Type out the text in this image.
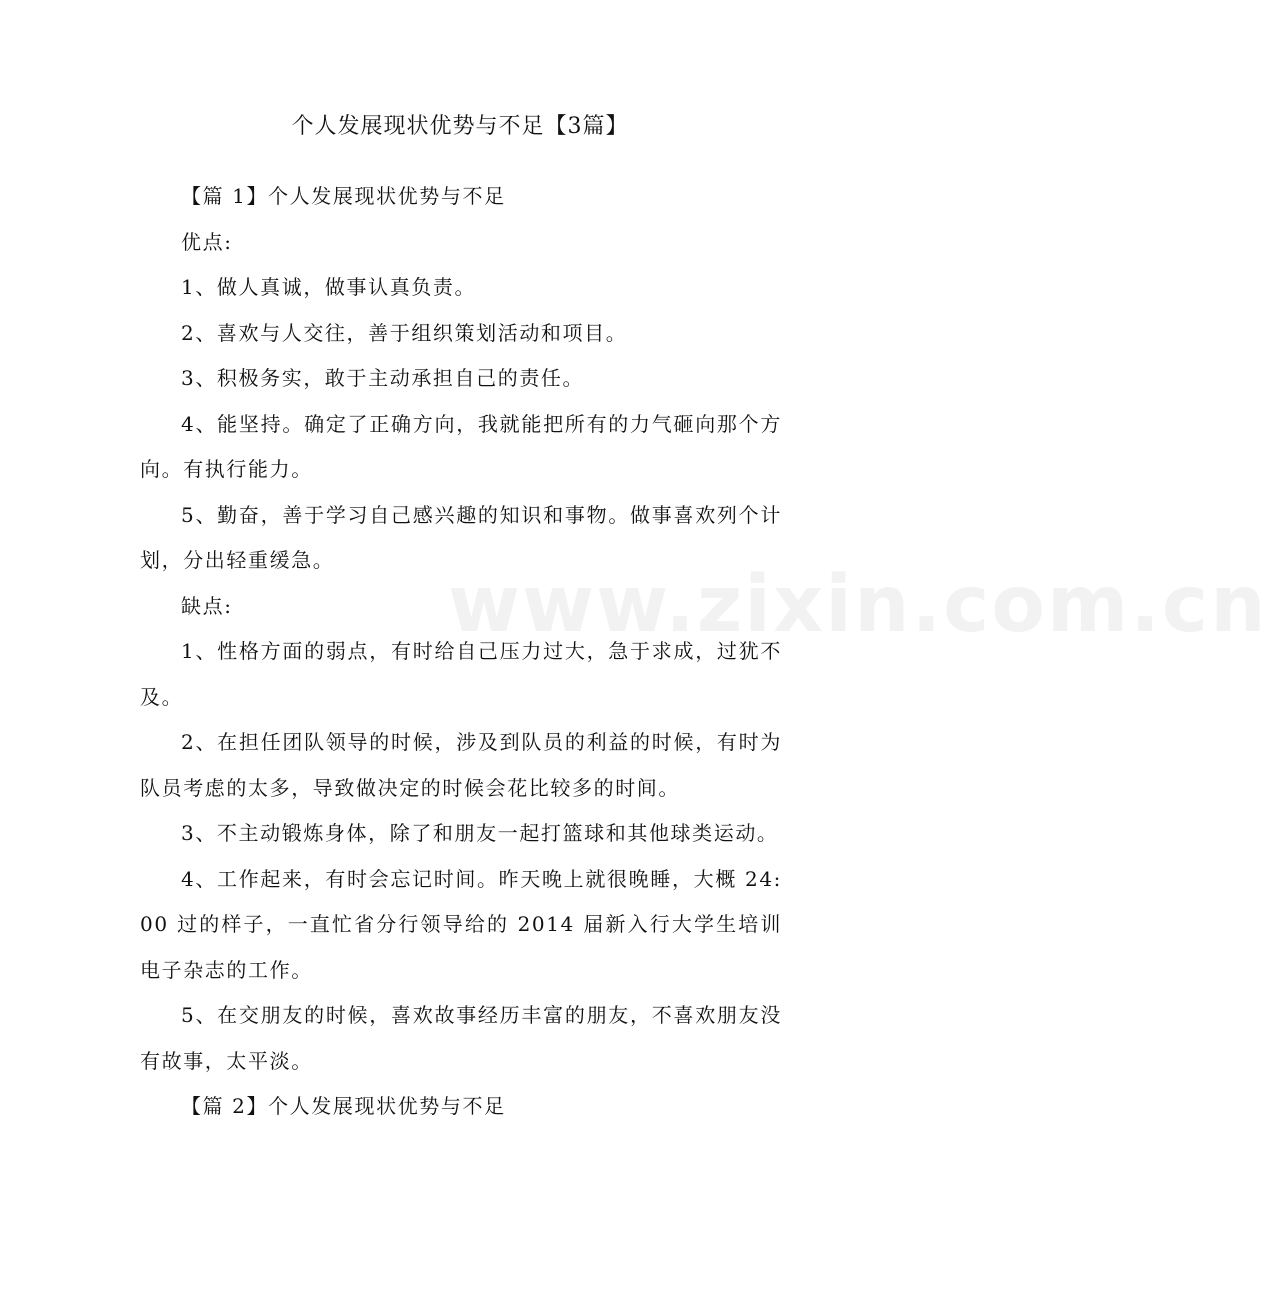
www.zixin.com.cn
个人发展现状优势与不足【3篇】

【篇 1】个人发展现状优势与不足

优点:

1、做人真诚，做事认真负责。

2、喜欢与人交往，善于组织策划活动和项目。

3、积极务实，敢于主动承担自己的责任。

4、能坚持。确定了正确方向，我就能把所有的力气砸向那个方向。有执行能力。

5、勤奋，善于学习自己感兴趣的知识和事物。做事喜欢列个计划，分出轻重缓急。

缺点:

1、性格方面的弱点，有时给自己压力过大，急于求成，过犹不及。

2、在担任团队领导的时候，涉及到队员的利益的时候，有时为队员考虑的太多，导致做决定的时候会花比较多的时间。

3、不主动锻炼身体，除了和朋友一起打篮球和其他球类运动。

4、工作起来，有时会忘记时间。昨天晚上就很晚睡，大概 24: 00 过的样子，一直忙省分行领导给的 2014 届新入行大学生培训电子杂志的工作。

5、在交朋友的时候，喜欢故事经历丰富的朋友，不喜欢朋友没有故事，太平淡。

【篇 2】个人发展现状优势与不足
